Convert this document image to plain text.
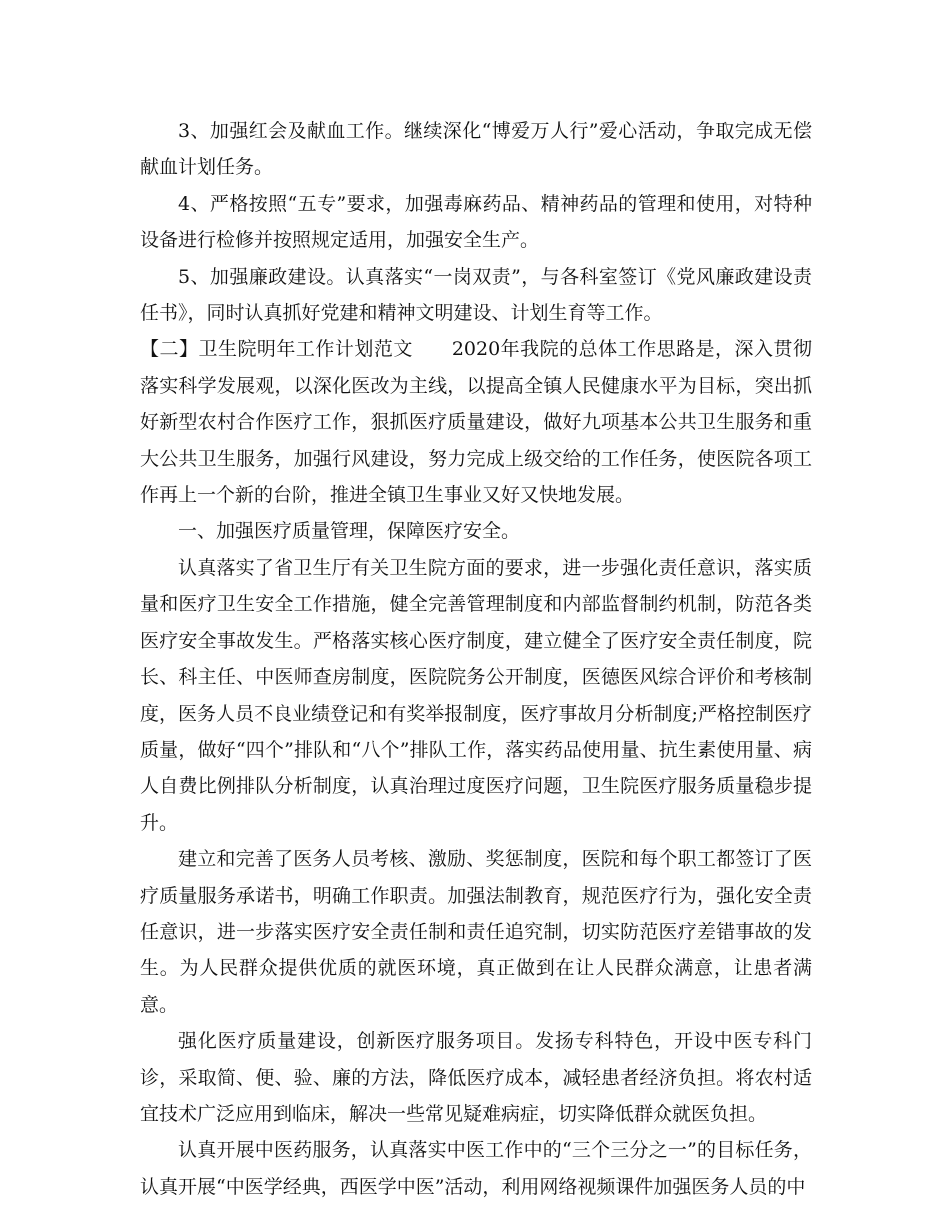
3、加强红会及献血工作。继续深化“博爱万人行”爱心活动，争取完成无偿献血计划任务。

4、严格按照“五专”要求，加强毒麻药品、精神药品的管理和使用，对特种设备进行检修并按照规定适用，加强安全生产。

5、加强廉政建设。认真落实“一岗双责”，与各科室签订《党风廉政建设责任书》，同时认真抓好党建和精神文明建设、计划生育等工作。

【二】卫生院明年工作计划范文　　2020年我院的总体工作思路是，深入贯彻落实科学发展观，以深化医改为主线，以提高全镇人民健康水平为目标，突出抓好新型农村合作医疗工作，狠抓医疗质量建设，做好九项基本公共卫生服务和重大公共卫生服务，加强行风建设，努力完成上级交给的工作任务，使医院各项工作再上一个新的台阶，推进全镇卫生事业又好又快地发展。

一、加强医疗质量管理，保障医疗安全。

认真落实了省卫生厅有关卫生院方面的要求，进一步强化责任意识，落实质量和医疗卫生安全工作措施，健全完善管理制度和内部监督制约机制，防范各类医疗安全事故发生。严格落实核心医疗制度，建立健全了医疗安全责任制度，院长、科主任、中医师查房制度，医院院务公开制度，医德医风综合评价和考核制度，医务人员不良业绩登记和有奖举报制度，医疗事故月分析制度;严格控制医疗质量，做好“四个”排队和“八个”排队工作，落实药品使用量、抗生素使用量、病人自费比例排队分析制度，认真治理过度医疗问题，卫生院医疗服务质量稳步提升。

建立和完善了医务人员考核、激励、奖惩制度，医院和每个职工都签订了医疗质量服务承诺书，明确工作职责。加强法制教育，规范医疗行为，强化安全责任意识，进一步落实医疗安全责任制和责任追究制，切实防范医疗差错事故的发生。为人民群众提供优质的就医环境，真正做到在让人民群众满意，让患者满意。

强化医疗质量建设，创新医疗服务项目。发扬专科特色，开设中医专科门诊，采取简、便、验、廉的方法，降低医疗成本，减轻患者经济负担。将农村适宜技术广泛应用到临床，解决一些常见疑难病症，切实降低群众就医负担。

认真开展中医药服务，认真落实中医工作中的“三个三分之一”的目标任务，认真开展“中医学经典，西医学中医”活动，利用网络视频课件加强医务人员的中
